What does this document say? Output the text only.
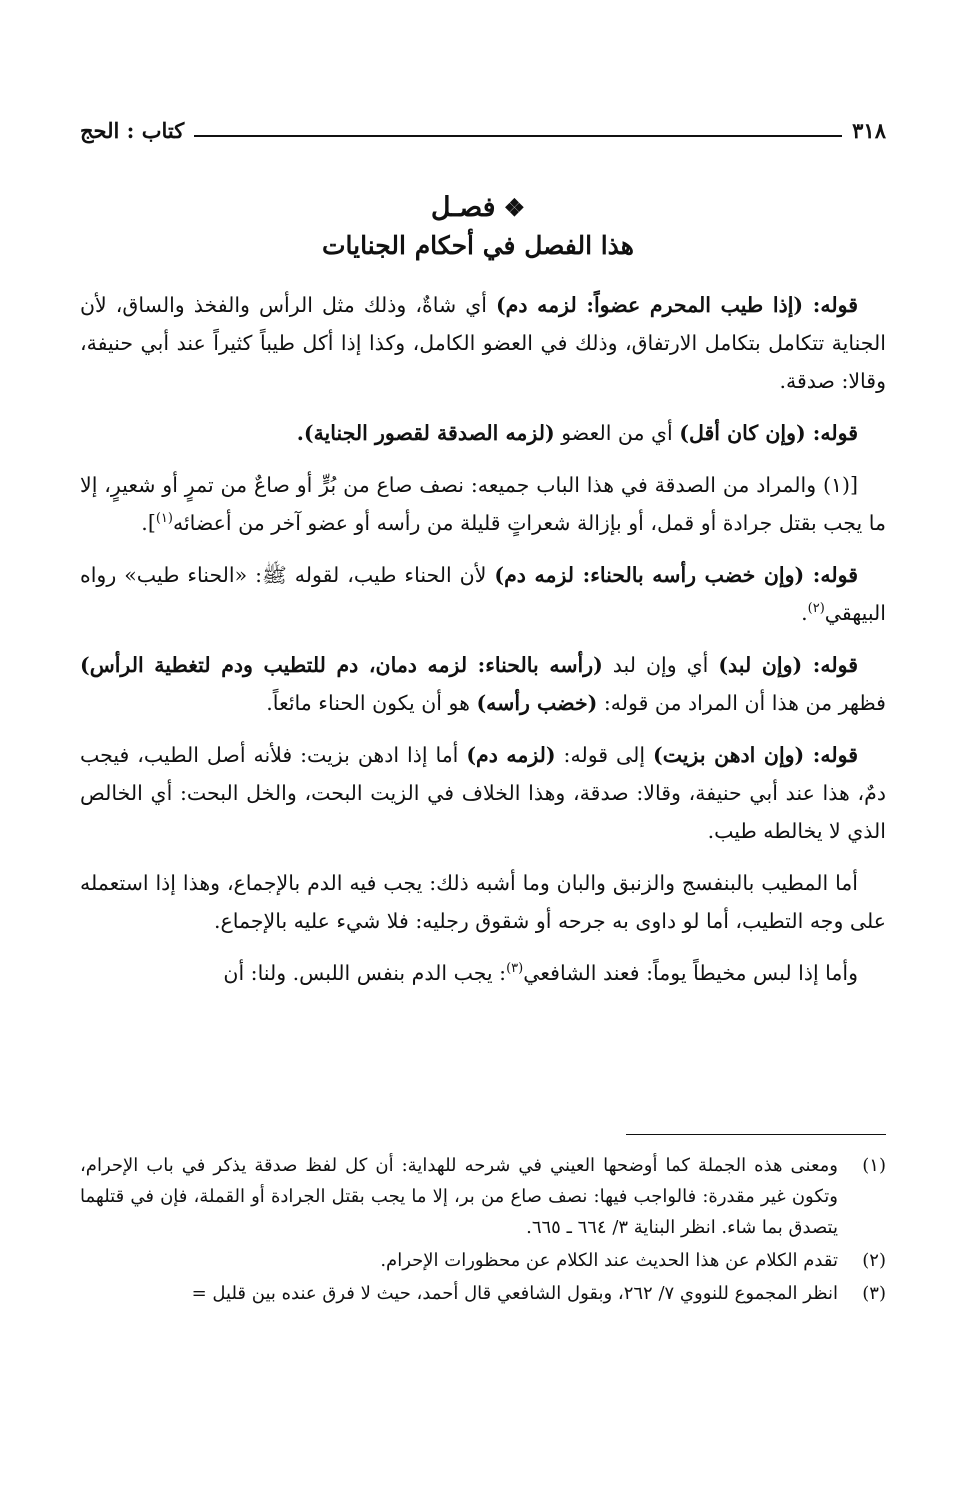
٣١٨
كتاب : الحج
❖فصـل
هذا الفصل في أحكام الجنايات

قوله: (إذا طيب المحرم عضواً: لزمه دم) أي شاةٌ، وذلك مثل الرأس والفخذ والساق، لأن الجناية تتكامل بتكامل الارتفاق، وذلك في العضو الكامل، وكذا إذا أكل طيباً كثيراً عند أبي حنيفة، وقالا: صدقة.

قوله: (وإن كان أقل) أي من العضو (لزمه الصدقة لقصور الجناية).

[(١) والمراد من الصدقة في هذا الباب جميعه: نصف صاع من بُرٍّ أو صاعٌ من تمرٍ أو شعيرٍ، إلا ما يجب بقتل جرادة أو قمل، أو بإزالة شعراتٍ قليلة من رأسه أو عضو آخر من أعضائه$^{(١)}$].

قوله: (وإن خضب رأسه بالحناء: لزمه دم) لأن الحناء طيب، لقوله ﷺ: «الحناء طيب» رواه البيهقي$^{(٢)}$.

قوله: (وإن لبد) أي وإن لبد (رأسه بالحناء: لزمه دمان، دم للتطيب ودم لتغطية الرأس) فظهر من هذا أن المراد من قوله: (خضب رأسه) هو أن يكون الحناء مائعاً.

قوله: (وإن ادهن بزيت) إلى قوله: (لزمه دم) أما إذا ادهن بزيت: فلأنه أصل الطيب، فيجب دمٌ، هذا عند أبي حنيفة، وقالا: صدقة، وهذا الخلاف في الزيت البحت، والخل البحت: أي الخالص الذي لا يخالطه طيب.

أما المطيب بالبنفسج والزنبق والبان وما أشبه ذلك: يجب فيه الدم بالإجماع، وهذا إذا استعمله على وجه التطيب، أما لو داوى به جرحه أو شقوق رجليه: فلا شيء عليه بالإجماع.

وأما إذا لبس مخيطاً يوماً: فعند الشافعي$^{(٣)}$: يجب الدم بنفس اللبس. ولنا: أن

(١)
ومعنى هذه الجملة كما أوضحها العيني في شرحه للهداية: أن كل لفظ صدقة يذكر في باب الإحرام، وتكون غير مقدرة: فالواجب فيها: نصف صاع من بر، إلا ما يجب بقتل الجرادة أو القملة، فإن في قتلهما يتصدق بما شاء. انظر البناية ٣/ ٦٦٤ ـ ٦٦٥.
(٢)
تقدم الكلام عن هذا الحديث عند الكلام عن محظورات الإحرام.
(٣)
انظر المجموع للنووي ٧/ ٢٦٢، وبقول الشافعي قال أحمد، حيث لا فرق عنده بين قليل =
